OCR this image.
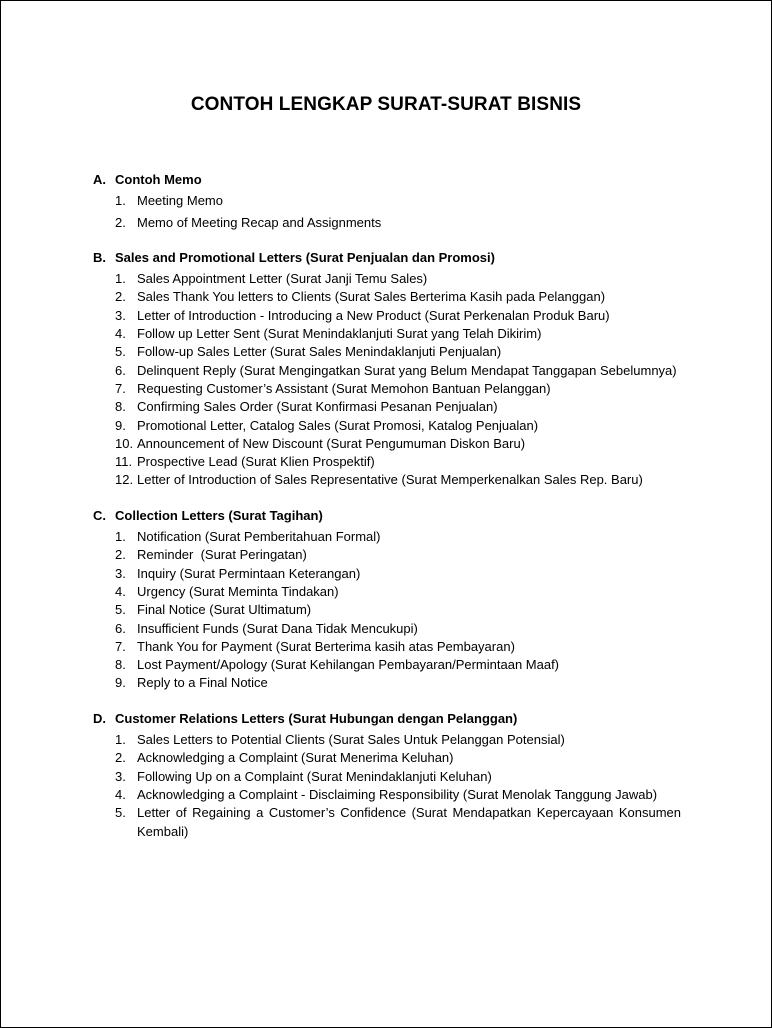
CONTOH LENGKAP SURAT-SURAT BISNIS
A. Contoh Memo
1. Meeting Memo
2. Memo of Meeting Recap and Assignments
B. Sales and Promotional Letters (Surat Penjualan dan Promosi)
1. Sales Appointment Letter (Surat Janji Temu Sales)
2. Sales Thank You letters to Clients (Surat Sales Berterima Kasih pada Pelanggan)
3. Letter of Introduction - Introducing a New Product (Surat Perkenalan Produk Baru)
4. Follow up Letter Sent (Surat Menindaklanjuti Surat yang Telah Dikirim)
5. Follow-up Sales Letter (Surat Sales Menindaklanjuti Penjualan)
6. Delinquent Reply (Surat Mengingatkan Surat yang Belum Mendapat Tanggapan Sebelumnya)
7. Requesting Customer’s Assistant (Surat Memohon Bantuan Pelanggan)
8. Confirming Sales Order (Surat Konfirmasi Pesanan Penjualan)
9. Promotional Letter, Catalog Sales (Surat Promosi, Katalog Penjualan)
10. Announcement of New Discount (Surat Pengumuman Diskon Baru)
11. Prospective Lead (Surat Klien Prospektif)
12. Letter of Introduction of Sales Representative (Surat Memperkenalkan Sales Rep. Baru)
C. Collection Letters (Surat Tagihan)
1. Notification (Surat Pemberitahuan Formal)
2. Reminder  (Surat Peringatan)
3. Inquiry (Surat Permintaan Keterangan)
4. Urgency (Surat Meminta Tindakan)
5. Final Notice (Surat Ultimatum)
6. Insufficient Funds (Surat Dana Tidak Mencukupi)
7. Thank You for Payment (Surat Berterima kasih atas Pembayaran)
8. Lost Payment/Apology (Surat Kehilangan Pembayaran/Permintaan Maaf)
9. Reply to a Final Notice
D. Customer Relations Letters (Surat Hubungan dengan Pelanggan)
1. Sales Letters to Potential Clients (Surat Sales Untuk Pelanggan Potensial)
2. Acknowledging a Complaint (Surat Menerima Keluhan)
3. Following Up on a Complaint (Surat Menindaklanjuti Keluhan)
4. Acknowledging a Complaint - Disclaiming Responsibility (Surat Menolak Tanggung Jawab)
5. Letter of Regaining a Customer’s Confidence (Surat Mendapatkan Kepercayaan Konsumen Kembali)
